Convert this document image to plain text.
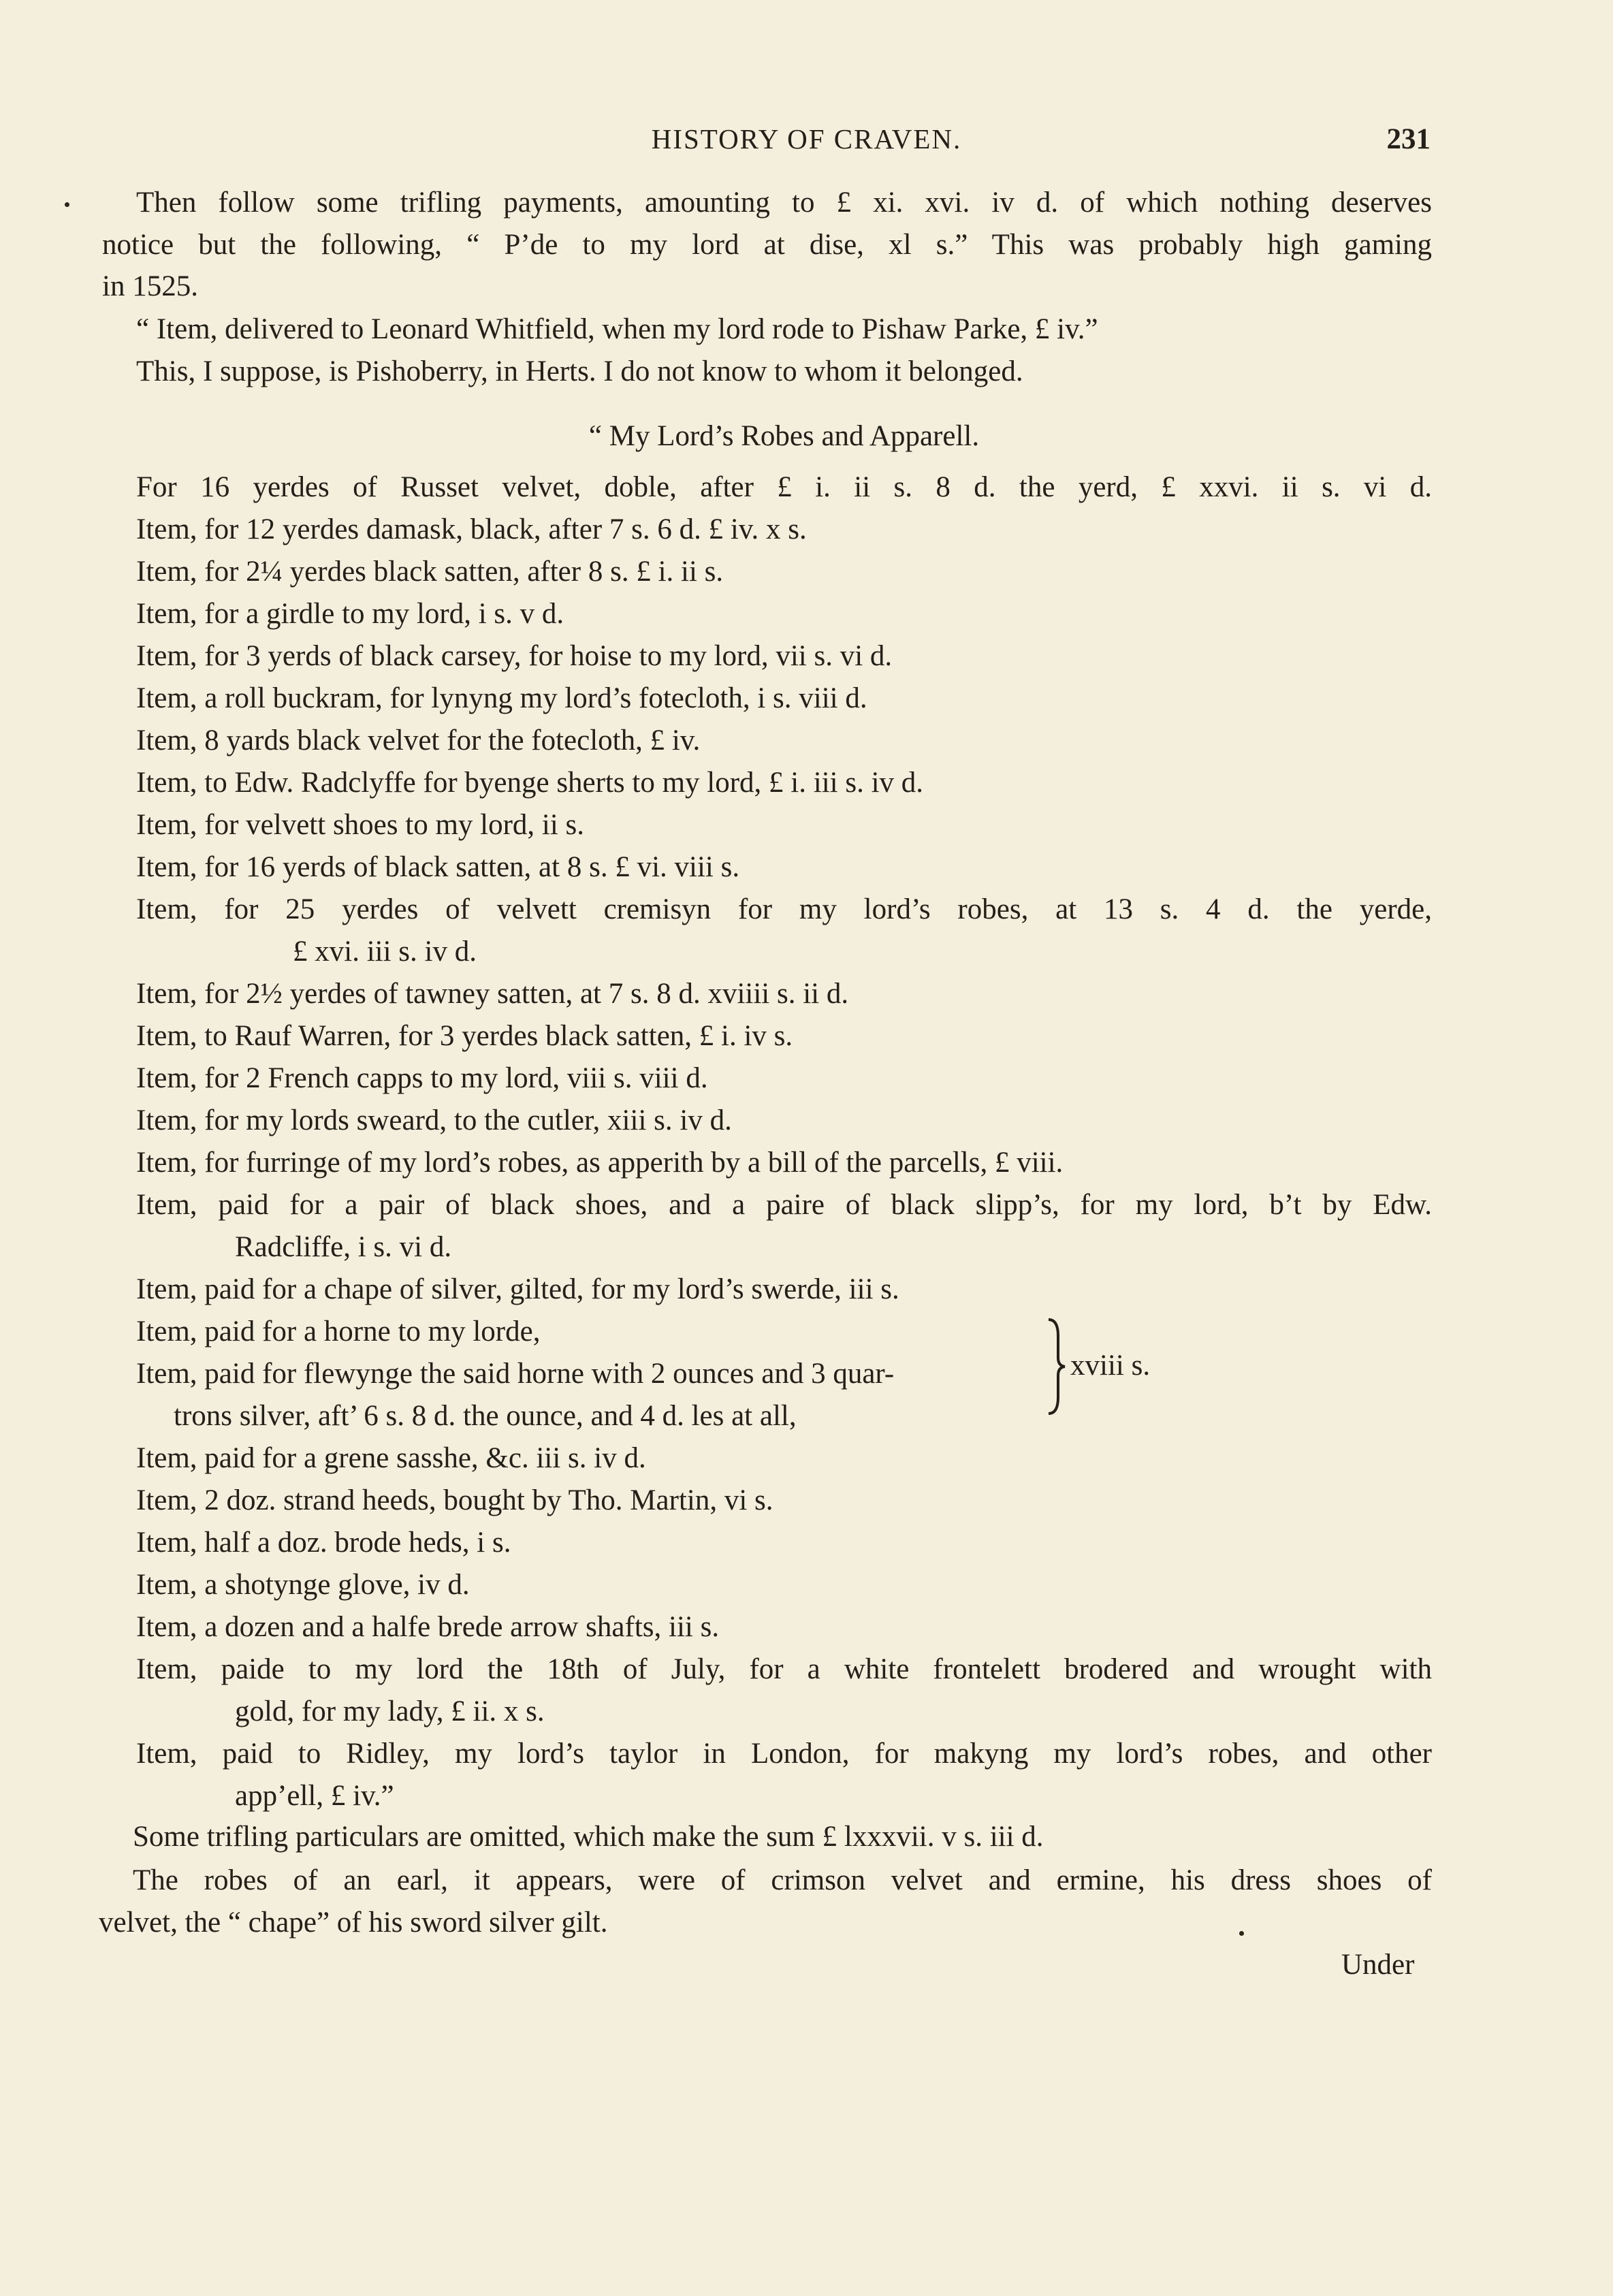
HISTORY OF CRAVEN.	231
Then follow some trifling payments, amounting to £ xi. xvi. iv d. of which nothing deserves
notice but the following, “ P’de to my lord at dise, xl s.” This was probably high gaming
in 1525.
“ Item, delivered to Leonard Whitfield, when my lord rode to Pishaw Parke, £ iv.”
This, I suppose, is Pishoberry, in Herts. I do not know to whom it belonged.
“ My Lord’s Robes and Apparell.
For 16 yerdes of Russet velvet, doble, after £ i. ii s. 8 d. the yerd, £ xxvi. ii s. vi d.
Item, for 12 yerdes damask, black, after 7 s. 6 d. £ iv. x s.
Item, for 2¼ yerdes black satten, after 8 s. £ i. ii s.
Item, for a girdle to my lord, i s. v d.
Item, for 3 yerds of black carsey, for hoise to my lord, vii s. vi d.
Item, a roll buckram, for lynyng my lord’s fotecloth, i s. viii d.
Item, 8 yards black velvet for the fotecloth, £ iv.
Item, to Edw. Radclyffe for byenge sherts to my lord, £ i. iii s. iv d.
Item, for velvett shoes to my lord, ii s.
Item, for 16 yerds of black satten, at 8 s. £ vi. viii s.
Item, for 25 yerdes of velvett cremisyn for my lord’s robes, at 13 s. 4 d. the yerde,
£ xvi. iii s. iv d.
Item, for 2½ yerdes of tawney satten, at 7 s. 8 d. xviiii s. ii d.
Item, to Rauf Warren, for 3 yerdes black satten, £ i. iv s.
Item, for 2 French capps to my lord, viii s. viii d.
Item, for my lords sweard, to the cutler, xiii s. iv d.
Item, for furringe of my lord’s robes, as apperith by a bill of the parcells, £ viii.
Item, paid for a pair of black shoes, and a paire of black slipp’s, for my lord, b’t by Edw.
Radcliffe, i s. vi d.
Item, paid for a chape of silver, gilted, for my lord’s swerde, iii s.
Item, paid for a horne to my lorde,
Item, paid for flewynge the said horne with 2 ounces and 3 quar-
trons silver, aft’ 6 s. 8 d. the ounce, and 4 d. les at all,
xviii s.
Item, paid for a grene sasshe, &c. iii s. iv d.
Item, 2 doz. strand heeds, bought by Tho. Martin, vi s.
Item, half a doz. brode heds, i s.
Item, a shotynge glove, iv d.
Item, a dozen and a halfe brede arrow shafts, iii s.
Item, paide to my lord the 18th of July, for a white frontelett brodered and wrought with
gold, for my lady, £ ii. x s.
Item, paid to Ridley, my lord’s taylor in London, for makyng my lord’s robes, and other
app’ell, £ iv.”
Some trifling particulars are omitted, which make the sum £ lxxxvii. v s. iii d.
The robes of an earl, it appears, were of crimson velvet and ermine, his dress shoes of
velvet, the “ chape” of his sword silver gilt.
Under
